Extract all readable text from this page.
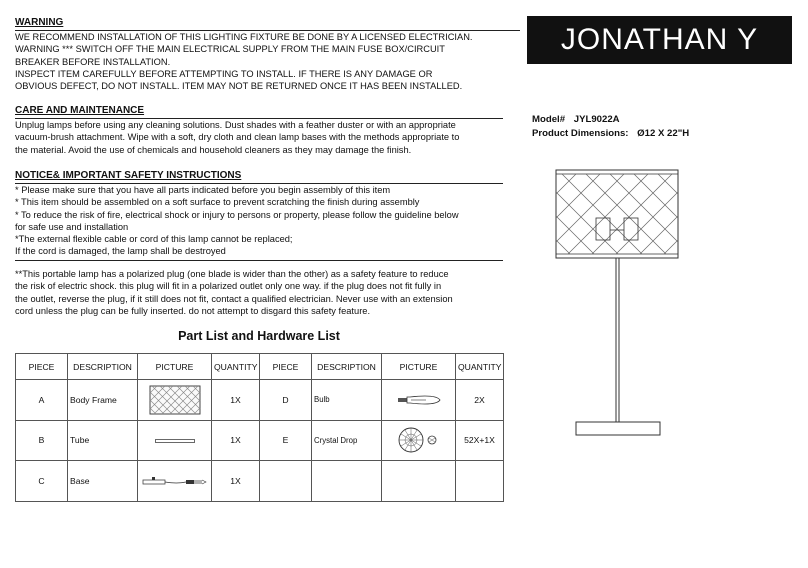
WARNING
WE RECOMMEND INSTALLATION OF THIS LIGHTING FIXTURE BE DONE BY A LICENSED ELECTRICIAN.
WARNING *** SWITCH OFF THE MAIN ELECTRICAL SUPPLY FROM THE MAIN FUSE BOX/CIRCUIT
BREAKER BEFORE INSTALLATION.
INSPECT ITEM CAREFULLY BEFORE ATTEMPTING TO INSTALL. IF THERE IS ANY DAMAGE OR
OBVIOUS DEFECT, DO NOT INSTALL. ITEM MAY NOT BE RETURNED ONCE IT HAS BEEN INSTALLED.
CARE AND MAINTENANCE
Unplug lamps before using any cleaning solutions. Dust shades with a feather duster or with an appropriate
vacuum-brush attachment. Wipe with a soft, dry cloth and clean lamp bases with the methods appropriate to
the material. Avoid the use of chemicals and household cleaners as they may damage the finish.
NOTICE& IMPORTANT SAFETY INSTRUCTIONS
* Please make sure that you have all parts indicated before you begin assembly of this item
* This item should be assembled on a soft surface to prevent scratching the finish during assembly
* To reduce the risk of fire, electrical shock or injury to persons or property, please follow the guideline below
for safe use and installation
*The external flexible cable or cord of this lamp cannot be replaced;
If the cord is damaged, the lamp shall be destroyed
**This portable lamp has a polarized plug (one blade is wider than the other) as a safety feature to reduce
the risk of electric shock. this plug will fit in a polarized outlet only one way. if the plug does not fit fully in
the outlet, reverse the plug, if it still does not fit, contact a qualified electrician. Never use with an extension
cord unless the plug can be fully inserted. do not attempt to disgard this safety feature.
Part List and Hardware List
PIECE	DESCRIPTION	PICTURE	QUANTITY	PIECE	DESCRIPTION	PICTURE	QUANTITY
A	Body Frame		1X	D	Bulb		2X
B	Tube		1X	E	Crystal Drop		52X+1X
C	Base		1X				
JONATHAN Y
Model# JYL9022A
Product Dimensions: Ø12 X 22"H
